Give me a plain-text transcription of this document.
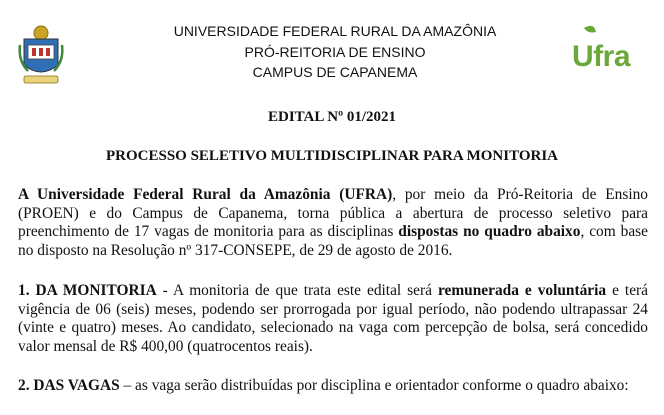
Ufra
UNIVERSIDADE FEDERAL RURAL DA AMAZÔNIA
PRÓ-REITORIA DE ENSINO
CAMPUS DE CAPANEMA
EDITAL Nº 01/2021
PROCESSO SELETIVO MULTIDISCIPLINAR PARA MONITORIA
A Universidade Federal Rural da Amazônia (UFRA), por meio da Pró-Reitoria de Ensino (PROEN) e do Campus de Capanema, torna pública a abertura de processo seletivo para preenchimento de 17 vagas de monitoria para as disciplinas dispostas no quadro abaixo, com base no disposto na Resolução nº 317-CONSEPE, de 29 de agosto de 2016.
1. DA MONITORIA - A monitoria de que trata este edital será remunerada e voluntária e terá vigência de 06 (seis) meses, podendo ser prorrogada por igual período, não podendo ultrapassar 24 (vinte e quatro) meses. Ao candidato, selecionado na vaga com percepção de bolsa, será concedido valor mensal de R$ 400,00 (quatrocentos reais).
2. DAS VAGAS – as vaga serão distribuídas por disciplina e orientador conforme o quadro abaixo:
